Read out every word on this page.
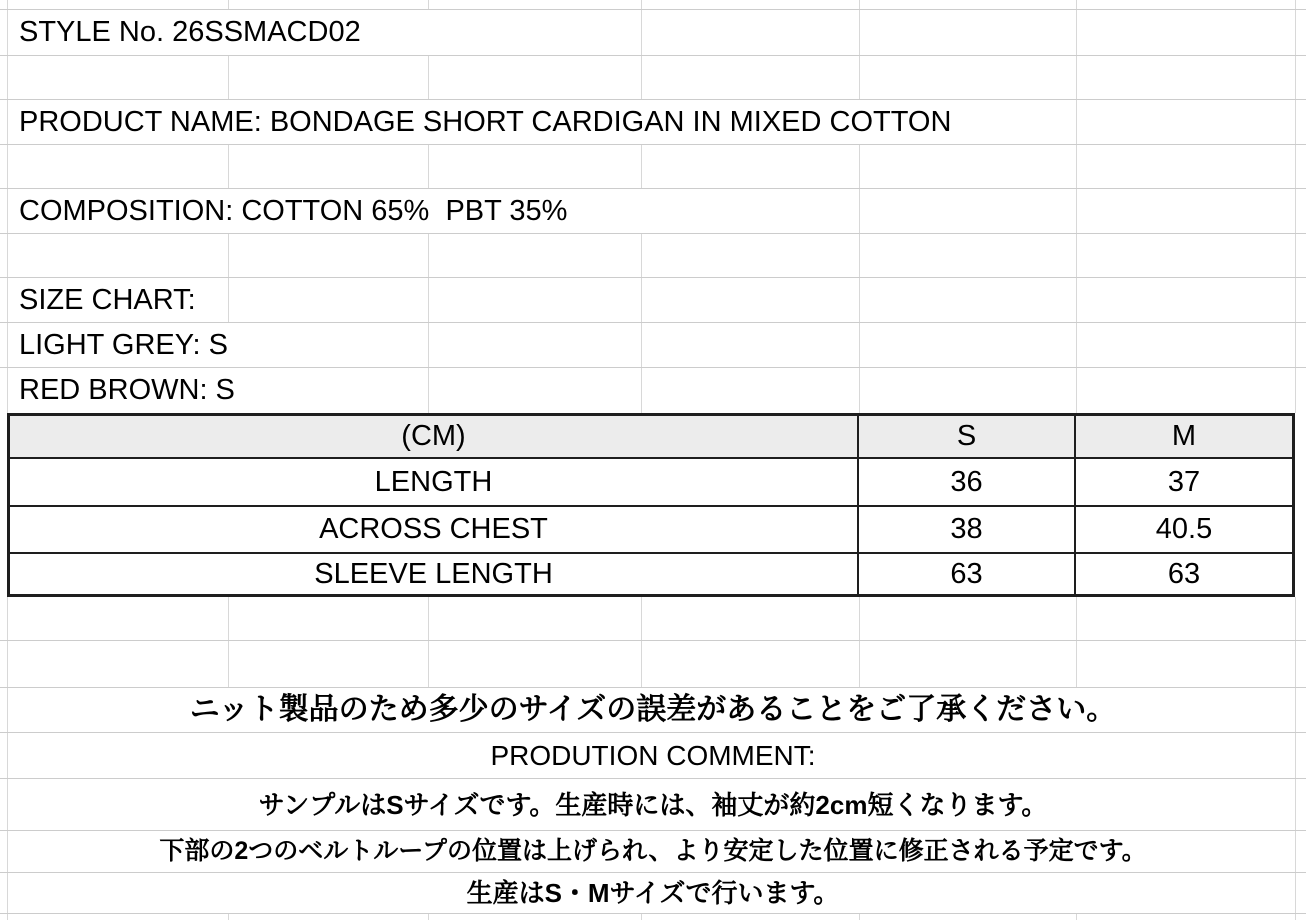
STYLE No. 26SSMACD02
PRODUCT NAME: BONDAGE SHORT CARDIGAN IN MIXED COTTON
COMPOSITION: COTTON 65%  PBT 35%
SIZE CHART:
LIGHT GREY: S
RED BROWN: S
(CM)	S	M
LENGTH	36	37
ACROSS CHEST	38	40.5
SLEEVE LENGTH	63	63
ニット製品のため多少のサイズの誤差があることをご了承ください。
PRODUTION COMMENT:
サンプルはSサイズです。生産時には、袖丈が約2cm短くなります。
下部の2つのベルトループの位置は上げられ、より安定した位置に修正される予定です。
生産はS・Mサイズで行います。
